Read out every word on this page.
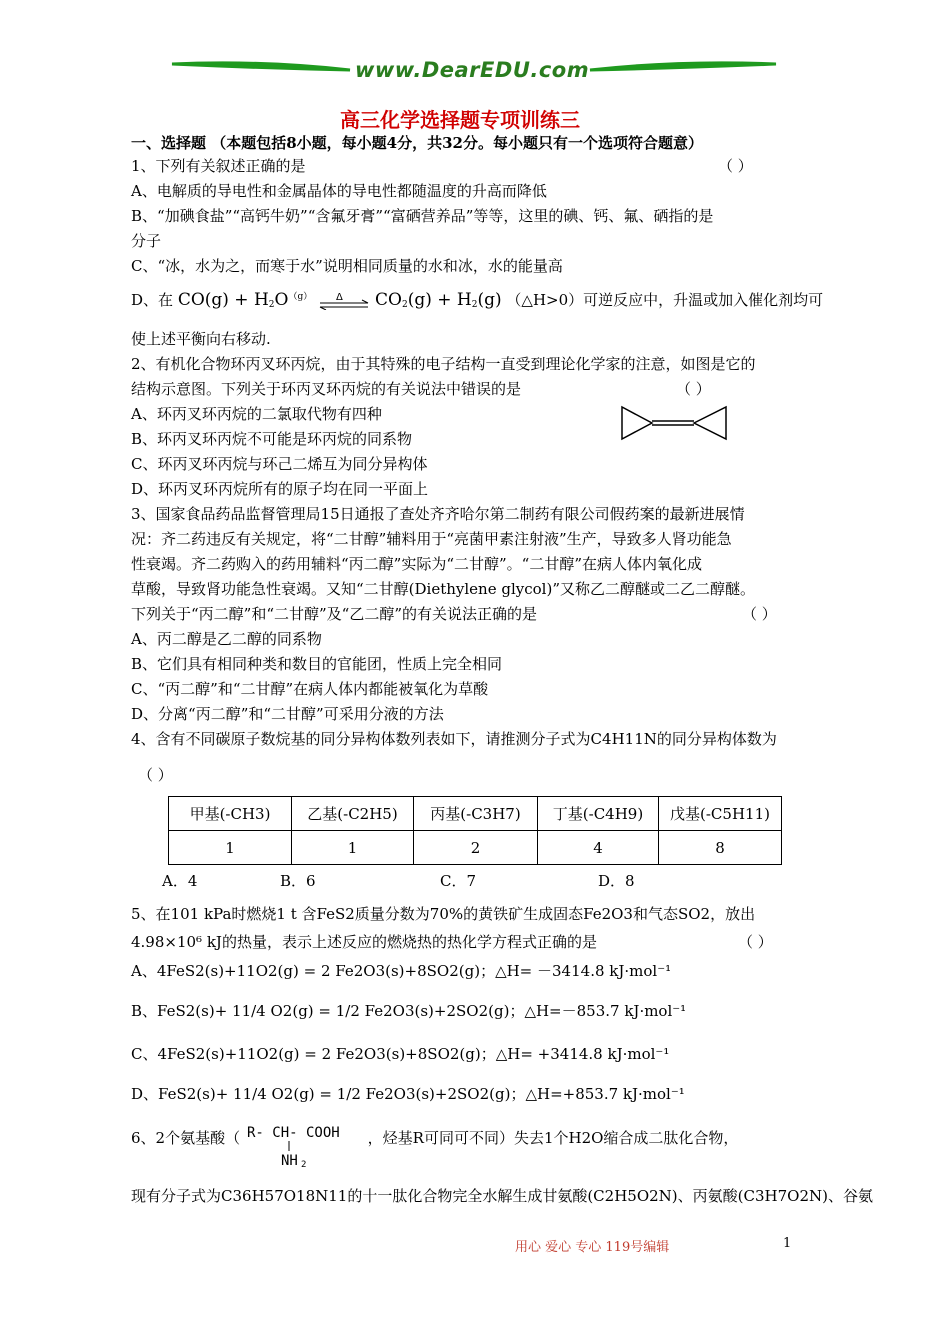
www.DearEDU.com
高三化学选择题专项训练三
一、选择题 （本题包括8小题，每小题4分，共32分。每小题只有一个选项符合题意）
1、下列有关叙述正确的是	（ ）
A、电解质的导电性和金属晶体的导电性都随温度的升高而降低
B、“加碘食盐”“高钙牛奶”“含氟牙膏”“富硒营养品”等等，这里的碘、钙、氟、硒指的是
分子
C、“冰，水为之，而寒于水”说明相同质量的水和冰，水的能量高
D、在 $CO(g) + H_2O^{(g)}$ Δ $CO_2(g) + H_2(g)$ （△H>0）可逆反应中，升温或加入催化剂均可
使上述平衡向右移动.
2、有机化合物环丙叉环丙烷，由于其特殊的电子结构一直受到理论化学家的注意，如图是它的
结构示意图。下列关于环丙叉环丙烷的有关说法中错误的是	（ ）
A、环丙叉环丙烷的二氯取代物有四种
B、环丙叉环丙烷不可能是环丙烷的同系物
C、环丙叉环丙烷与环己二烯互为同分异构体
D、环丙叉环丙烷所有的原子均在同一平面上
3、国家食品药品监督管理局15日通报了查处齐齐哈尔第二制药有限公司假药案的最新进展情
况：齐二药违反有关规定，将“二甘醇”辅料用于“亮菌甲素注射液”生产，导致多人肾功能急
性衰竭。齐二药购入的药用辅料“丙二醇”实际为“二甘醇”。“二甘醇”在病人体内氧化成
草酸，导致肾功能急性衰竭。又知“二甘醇(Diethylene glycol)”又称乙二醇醚或二乙二醇醚。
下列关于“丙二醇”和“二甘醇”及“乙二醇”的有关说法正确的是	（ ）
A、丙二醇是乙二醇的同系物
B、它们具有相同种类和数目的官能团，性质上完全相同
C、“丙二醇”和“二甘醇”在病人体内都能被氧化为草酸
D、分离“丙二醇”和“二甘醇”可采用分液的方法
4、含有不同碳原子数烷基的同分异构体数列表如下，请推测分子式为C4H11N的同分异构体数为
（ ）
甲基(-CH3)	乙基(-C2H5)	丙基(-C3H7)	丁基(-C4H9)	戊基(-C5H11)
1	1	2	4	8
A．4	B．6	C．7	D．8
5、在101 kPa时燃烧1 t 含FeS2质量分数为70%的黄铁矿生成固态Fe2O3和气态SO2，放出
4.98×10⁶ kJ的热量，表示上述反应的燃烧热的热化学方程式正确的是	（ ）
A、4FeS2(s)+11O2(g) = 2 Fe2O3(s)+8SO2(g)；△H= －3414.8 kJ·mol⁻¹
B、FeS2(s)+ 11/4 O2(g) = 1/2 Fe2O3(s)+2SO2(g)；△H=－853.7 kJ·mol⁻¹
C、4FeS2(s)+11O2(g) = 2 Fe2O3(s)+8SO2(g)；△H= +3414.8 kJ·mol⁻¹
D、FeS2(s)+ 11/4 O2(g) = 1/2 Fe2O3(s)+2SO2(g)；△H=+853.7 kJ·mol⁻¹
6、2个氨基酸（ R- CH- COOH
NH 2
，烃基R可同可不同）失去1个H2O缩合成二肽化合物，
现有分子式为C36H57O18N11的十一肽化合物完全水解生成甘氨酸(C2H5O2N)、丙氨酸(C3H7O2N)、谷氨
用心 爱心 专心 119号编辑	1
